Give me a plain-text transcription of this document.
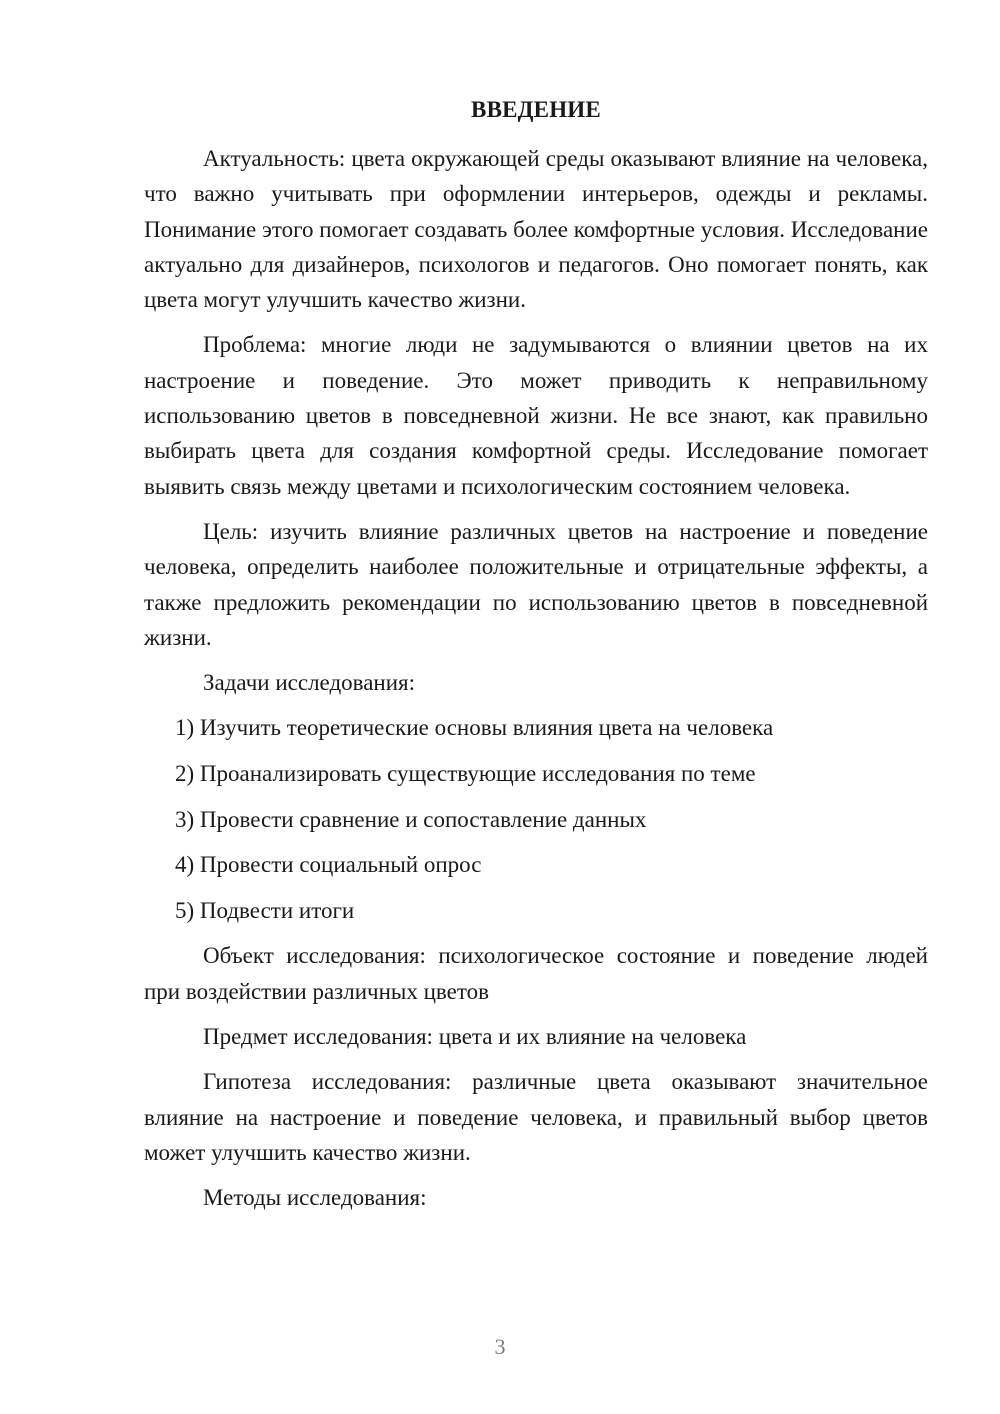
ВВЕДЕНИЕ

Актуальность: цвета окружающей среды оказывают влияние на человека, что важно учитывать при оформлении интерьеров, одежды и рекламы. Понимание этого помогает создавать более комфортные условия. Исследование актуально для дизайнеров, психологов и педагогов. Оно помогает понять, как цвета могут улучшить качество жизни.

Проблема: многие люди не задумываются о влиянии цветов на их настроение и поведение. Это может приводить к неправильному использованию цветов в повседневной жизни. Не все знают, как правильно выбирать цвета для создания комфортной среды. Исследование помогает выявить связь между цветами и психологическим состоянием человека.

Цель: изучить влияние различных цветов на настроение и поведение человека, определить наиболее положительные и отрицательные эффекты, а также предложить рекомендации по использованию цветов в повседневной жизни.

Задачи исследования:

1) Изучить теоретические основы влияния цвета на человека
2) Проанализировать существующие исследования по теме
3) Провести сравнение и сопоставление данных
4) Провести социальный опрос
5) Подвести итоги

Объект исследования: психологическое состояние и поведение людей при воздействии различных цветов

Предмет исследования: цвета и их влияние на человека

Гипотеза исследования: различные цвета оказывают значительное влияние на настроение и поведение человека, и правильный выбор цветов может улучшить качество жизни.

Методы исследования:

3
